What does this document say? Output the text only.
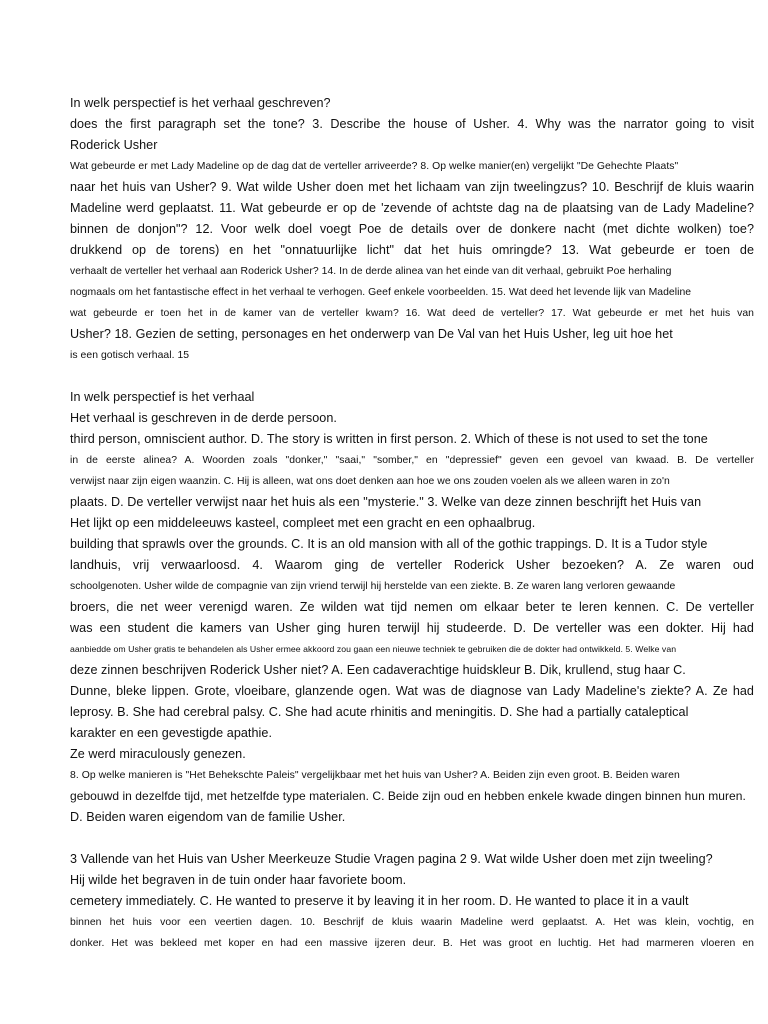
In welk perspectief is het verhaal geschreven?
does the first paragraph set the tone? 3. Describe the house of Usher. 4. Why was the narrator going to visit
Roderick Usher
Wat gebeurde er met Lady Madeline op de dag dat de verteller arriveerde? 8. Op welke manier(en) vergelijkt "De Gehechte Plaats"
naar het huis van Usher? 9. Wat wilde Usher doen met het lichaam van zijn tweelingzus? 10. Beschrijf de kluis waarin
Madeline werd geplaatst. 11. Wat gebeurde er op de 'zevende of achtste dag na de plaatsing van de Lady Madeline?
binnen de donjon"? 12. Voor welk doel voegt Poe de details over de donkere nacht (met dichte wolken) toe?
drukkend op de torens) en het "onnatuurlijke licht" dat het huis omringde? 13. Wat gebeurde er toen de
verhaalt de verteller het verhaal aan Roderick Usher? 14. In de derde alinea van het einde van dit verhaal, gebruikt Poe herhaling
nogmaals om het fantastische effect in het verhaal te verhogen. Geef enkele voorbeelden. 15. Wat deed het levende lijk van Madeline
wat gebeurde er toen het in de kamer van de verteller kwam? 16. Wat deed de verteller? 17. Wat gebeurde er met het huis van
Usher? 18. Gezien de setting, personages en het onderwerp van De Val van het Huis Usher, leg uit hoe het
is een gotisch verhaal. 15
In welk perspectief is het verhaal
Het verhaal is geschreven in de derde persoon.
third person, omniscient author. D. The story is written in first person. 2. Which of these is not used to set the tone
in de eerste alinea? A. Woorden zoals "donker," "saai," "somber," en "depressief" geven een gevoel van kwaad. B. De verteller
verwijst naar zijn eigen waanzin. C. Hij is alleen, wat ons doet denken aan hoe we ons zouden voelen als we alleen waren in zo'n
plaats. D. De verteller verwijst naar het huis als een "mysterie." 3. Welke van deze zinnen beschrijft het Huis van
Het lijkt op een middeleeuws kasteel, compleet met een gracht en een ophaalbrug.
building that sprawls over the grounds. C. It is an old mansion with all of the gothic trappings. D. It is a Tudor style
landhuis, vrij verwaarloosd. 4. Waarom ging de verteller Roderick Usher bezoeken? A. Ze waren oud
schoolgenoten. Usher wilde de compagnie van zijn vriend terwijl hij herstelde van een ziekte. B. Ze waren lang verloren gewaande
broers, die net weer verenigd waren. Ze wilden wat tijd nemen om elkaar beter te leren kennen. C. De verteller
was een student die kamers van Usher ging huren terwijl hij studeerde. D. De verteller was een dokter. Hij had
aanbiedde om Usher gratis te behandelen als Usher ermee akkoord zou gaan een nieuwe techniek te gebruiken die de dokter had ontwikkeld. 5. Welke van
deze zinnen beschrijven Roderick Usher niet? A. Een cadaverachtige huidskleur B. Dik, krullend, stug haar C.
Dunne, bleke lippen. Grote, vloeibare, glanzende ogen. Wat was de diagnose van Lady Madeline's ziekte? A. Ze had
leprosy. B. She had cerebral palsy. C. She had acute rhinitis and meningitis. D. She had a partially cataleptical
karakter en een gevestigde apathie.
Ze werd miraculously genezen.
8. Op welke manieren is "Het Behekschte Paleis" vergelijkbaar met het huis van Usher? A. Beiden zijn even groot. B. Beiden waren
gebouwd in dezelfde tijd, met hetzelfde type materialen. C. Beide zijn oud en hebben enkele kwade dingen binnen hun muren.
D. Beiden waren eigendom van de familie Usher.
3 Vallende van het Huis van Usher Meerkeuze Studie Vragen pagina 2 9. Wat wilde Usher doen met zijn tweeling?
Hij wilde het begraven in de tuin onder haar favoriete boom.
cemetery immediately. C. He wanted to preserve it by leaving it in her room. D. He wanted to place it in a vault
binnen het huis voor een veertien dagen. 10. Beschrijf de kluis waarin Madeline werd geplaatst. A. Het was klein, vochtig, en
donker. Het was bekleed met koper en had een massive ijzeren deur. B. Het was groot en luchtig. Het had marmeren vloeren en
